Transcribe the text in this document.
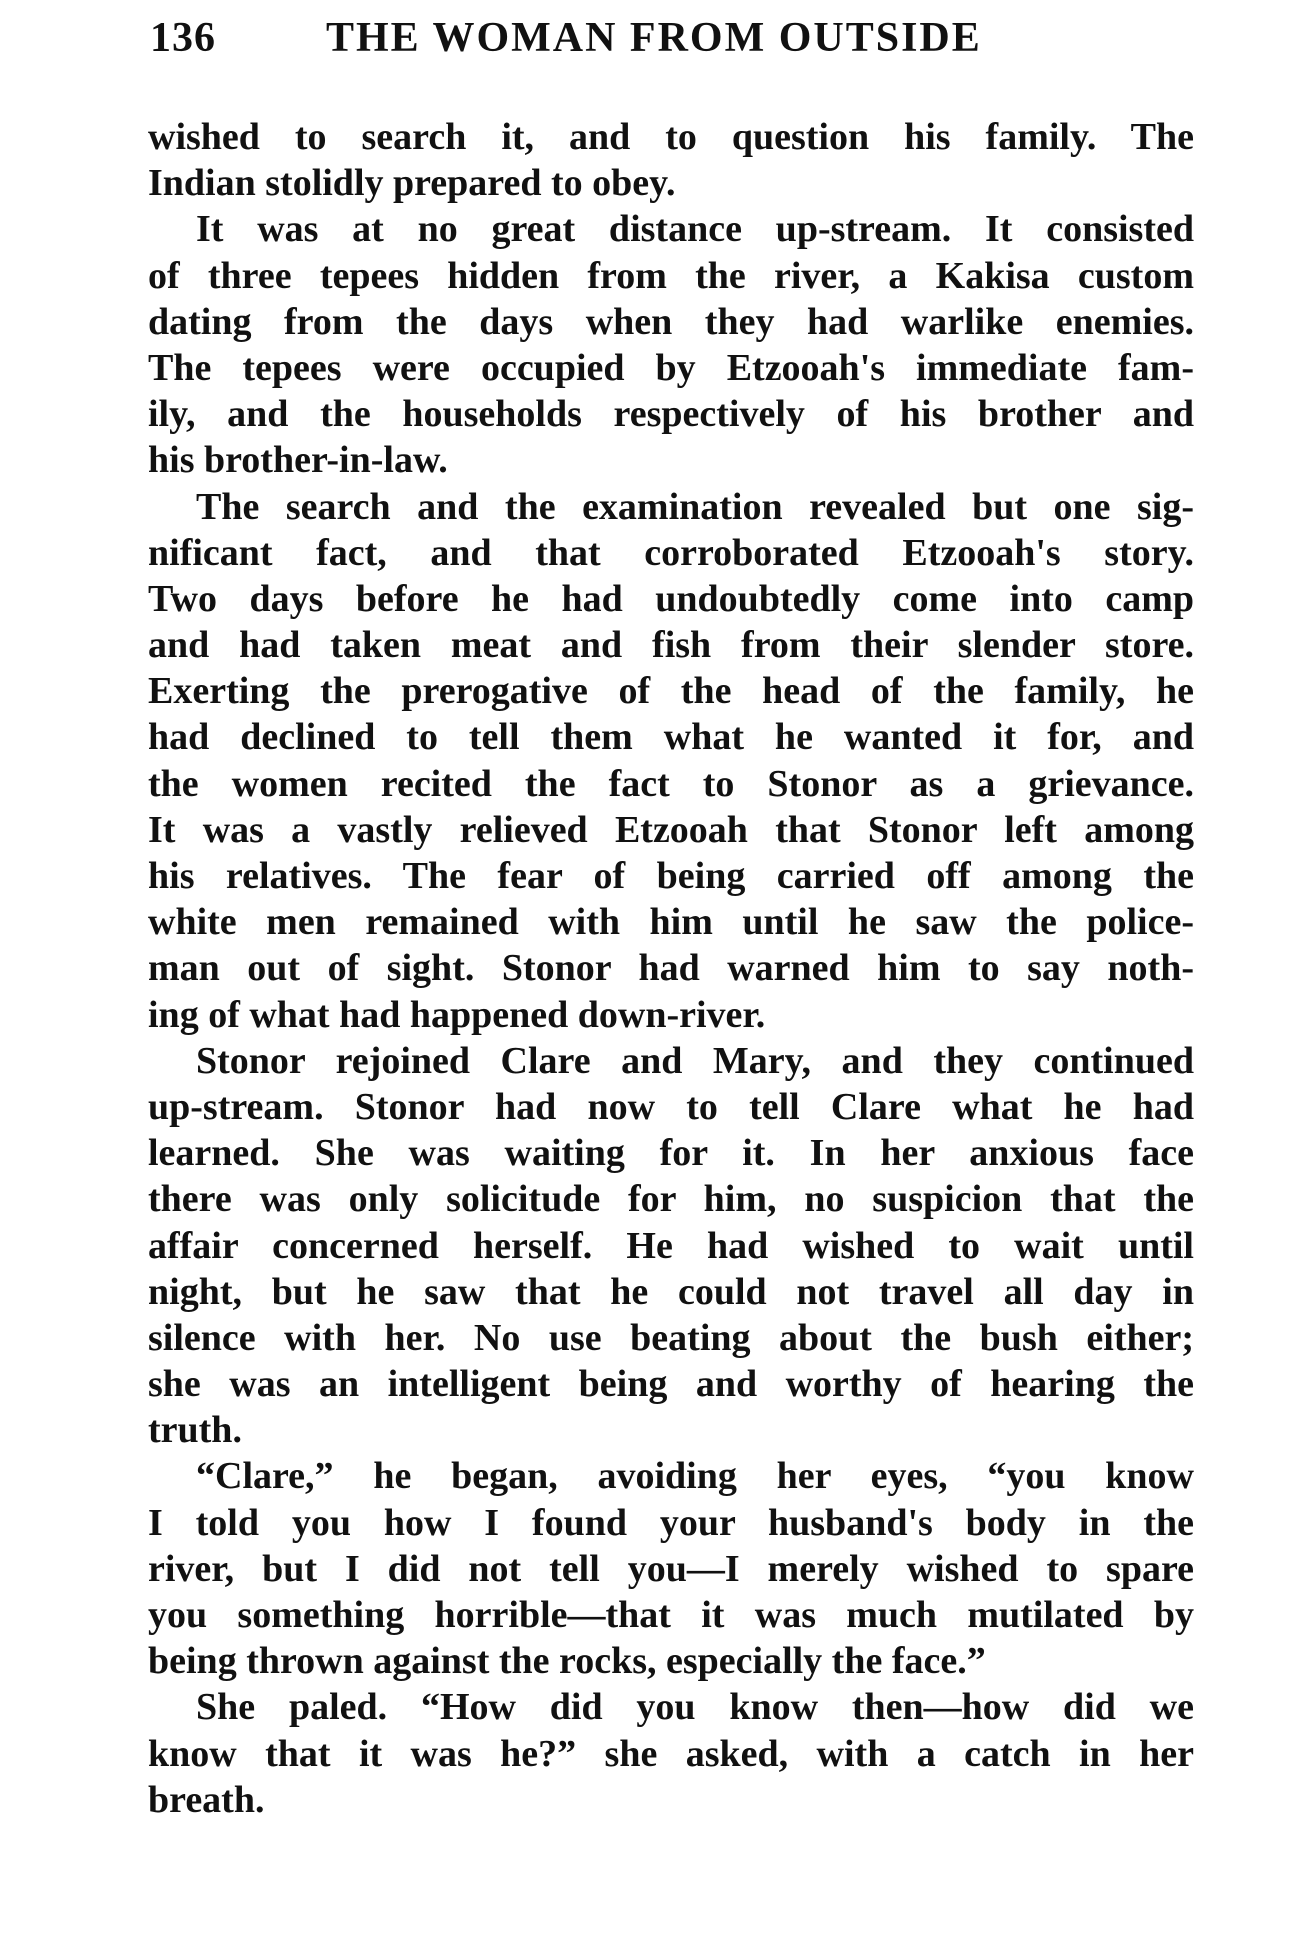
136	THE WOMAN FROM OUTSIDE
wished to search it, and to question his family. The
Indian stolidly prepared to obey.
It was at no great distance up-stream. It consisted
of three tepees hidden from the river, a Kakisa custom
dating from the days when they had warlike enemies.
The tepees were occupied by Etzooah's immediate fam-
ily, and the households respectively of his brother and
his brother-in-law.
The search and the examination revealed but one sig-
nificant fact, and that corroborated Etzooah's story.
Two days before he had undoubtedly come into camp
and had taken meat and fish from their slender store.
Exerting the prerogative of the head of the family, he
had declined to tell them what he wanted it for, and
the women recited the fact to Stonor as a grievance.
It was a vastly relieved Etzooah that Stonor left among
his relatives. The fear of being carried off among the
white men remained with him until he saw the police-
man out of sight. Stonor had warned him to say noth-
ing of what had happened down-river.
Stonor rejoined Clare and Mary, and they continued
up-stream. Stonor had now to tell Clare what he had
learned. She was waiting for it. In her anxious face
there was only solicitude for him, no suspicion that the
affair concerned herself. He had wished to wait until
night, but he saw that he could not travel all day in
silence with her. No use beating about the bush either;
she was an intelligent being and worthy of hearing the
truth.
“Clare,” he began, avoiding her eyes, “you know
I told you how I found your husband's body in the
river, but I did not tell you—I merely wished to spare
you something horrible—that it was much mutilated by
being thrown against the rocks, especially the face.”
She paled. “How did you know then—how did we
know that it was he?” she asked, with a catch in her
breath.
